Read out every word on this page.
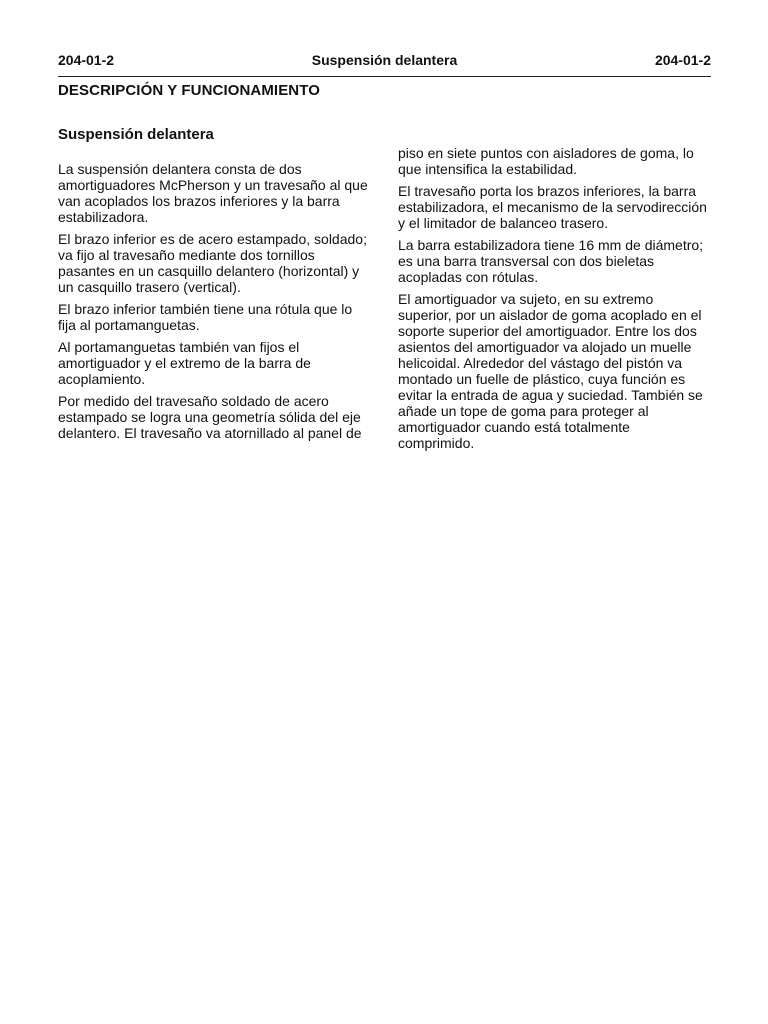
Suspensión delantera
204-01-2	204-01-2
DESCRIPCIÓN Y FUNCIONAMIENTO
Suspensión delantera

La suspensión delantera consta de dos amortiguadores McPherson y un travesaño al que van acoplados los brazos inferiores y la barra estabilizadora.

El brazo inferior es de acero estampado, soldado; va fijo al travesaño mediante dos tornillos pasantes en un casquillo delantero (horizontal) y un casquillo trasero (vertical).

El brazo inferior también tiene una rótula que lo fija al portamanguetas.

Al portamanguetas también van fijos el amortiguador y el extremo de la barra de acoplamiento.

Por medido del travesaño soldado de acero estampado se logra una geometría sólida del eje delantero. El travesaño va atornillado al panel de

piso en siete puntos con aisladores de goma, lo que intensifica la estabilidad.

El travesaño porta los brazos inferiores, la barra estabilizadora, el mecanismo de la servodirección y el limitador de balanceo trasero.

La barra estabilizadora tiene 16 mm de diámetro; es una barra transversal con dos bieletas acopladas con rótulas.

El amortiguador va sujeto, en su extremo superior, por un aislador de goma acoplado en el soporte superior del amortiguador. Entre los dos asientos del amortiguador va alojado un muelle helicoidal. Alrededor del vástago del pistón va montado un fuelle de plástico, cuya función es evitar la entrada de agua y suciedad. También se añade un tope de goma para proteger al amortiguador cuando está totalmente comprimido.
